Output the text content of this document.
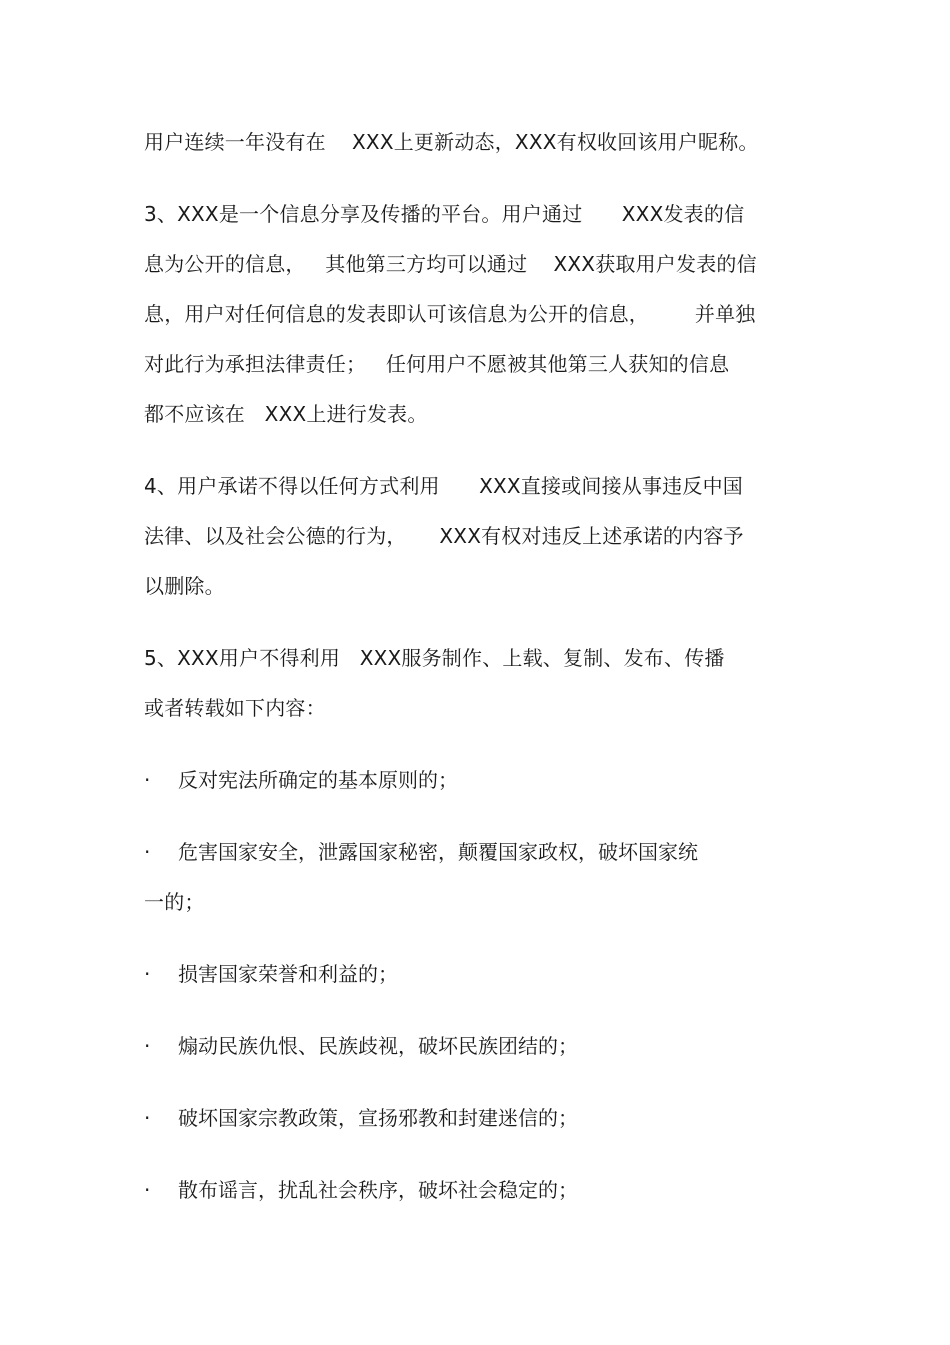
用户连续一年没有在    XXX上更新动态，XXX有权收回该用户昵称。
3、XXX是一个信息分享及传播的平台。用户通过      XXX发表的信
息为公开的信息，   其他第三方均可以通过    XXX获取用户发表的信
息，用户对任何信息的发表即认可该信息为公开的信息，       并单独
对此行为承担法律责任；   任何用户不愿被其他第三人获知的信息
都不应该在   XXX上进行发表。
4、用户承诺不得以任何方式利用      XXX直接或间接从事违反中国
法律、以及社会公德的行为，     XXX有权对违反上述承诺的内容予
以删除。
5、XXX用户不得利用   XXX服务制作、上载、复制、发布、传播
或者转载如下内容：
· 反对宪法所确定的基本原则的；
· 危害国家安全，泄露国家秘密，颠覆国家政权，破坏国家统
一的；
· 损害国家荣誉和利益的；
· 煽动民族仇恨、民族歧视，破坏民族团结的；
· 破坏国家宗教政策，宣扬邪教和封建迷信的；
· 散布谣言，扰乱社会秩序，破坏社会稳定的；
